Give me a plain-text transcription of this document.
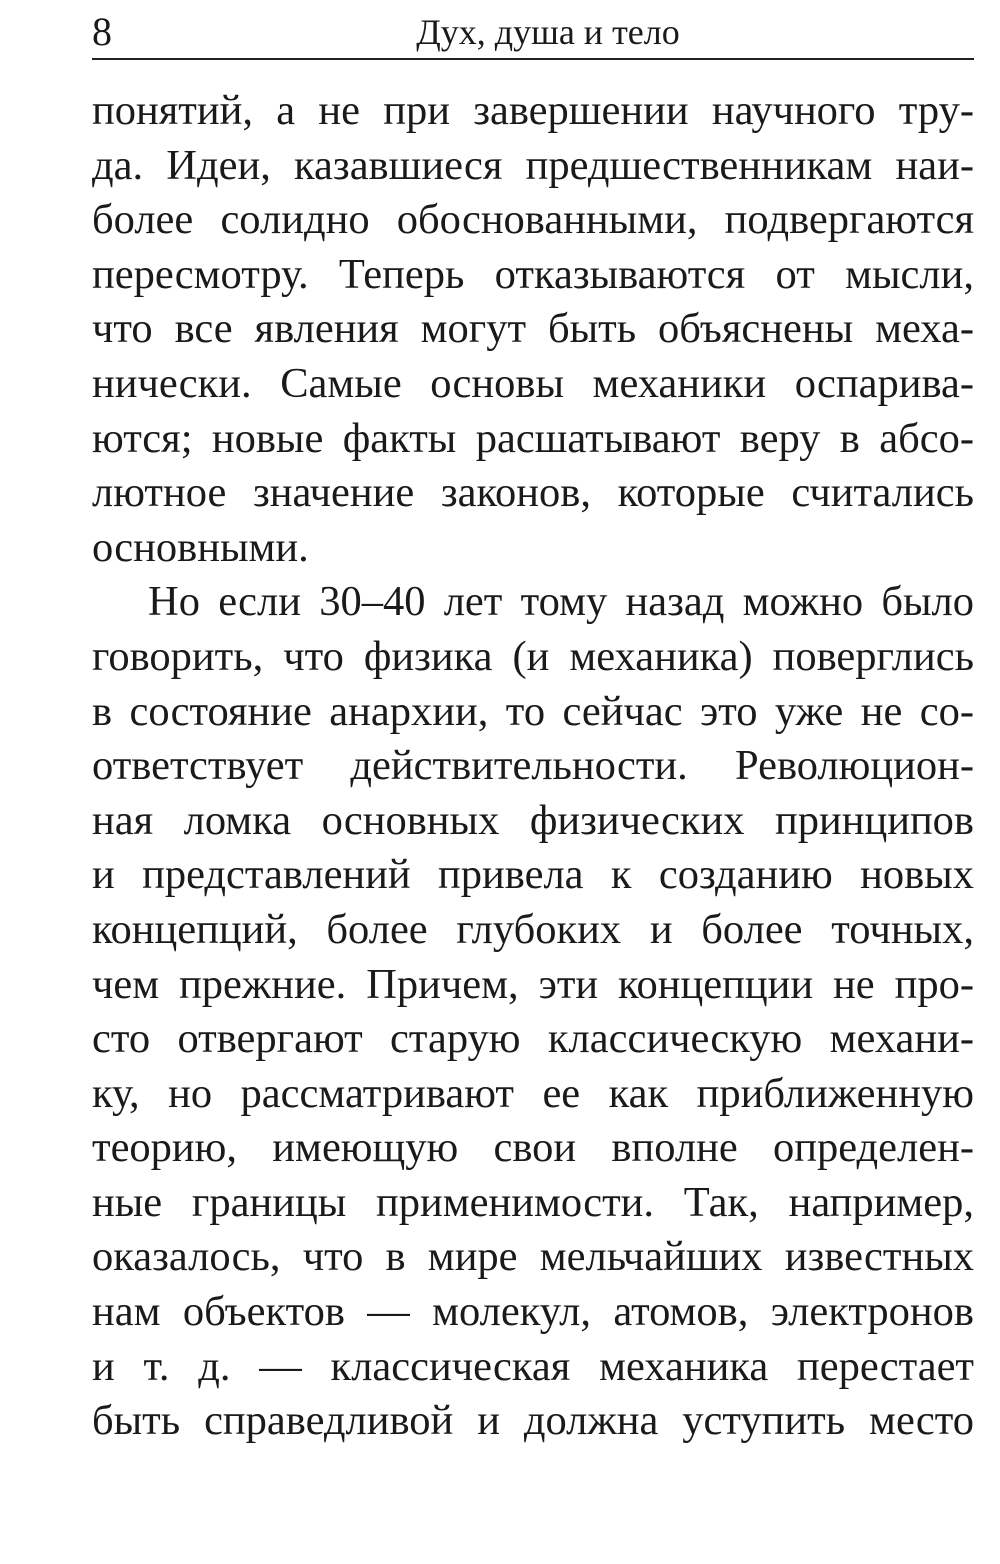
8	Дух, душа и тело
понятий, а не при завершении научного тру-
да. Идеи, казавшиеся предшественникам наи-
более солидно обоснованными, подвергаются
пересмотру. Теперь отказываются от мысли,
что все явления могут быть объяснены меха-
нически. Самые основы механики оспарива-
ются; новые факты расшатывают веру в абсо-
лютное значение законов, которые считались
основными.
Но если 30–40 лет тому назад можно было
говорить, что физика (и механика) поверглись
в состояние анархии, то сейчас это уже не со-
ответствует действительности. Революцион-
ная ломка основных физических принципов
и представлений привела к созданию новых
концепций, более глубоких и более точных,
чем прежние. Причем, эти концепции не про-
сто отвергают старую классическую механи-
ку, но рассматривают ее как приближенную
теорию, имеющую свои вполне определен-
ные границы применимости. Так, например,
оказалось, что в мире мельчайших известных
нам объектов — молекул, атомов, электронов
и т. д. — классическая механика перестает
быть справедливой и должна уступить место
